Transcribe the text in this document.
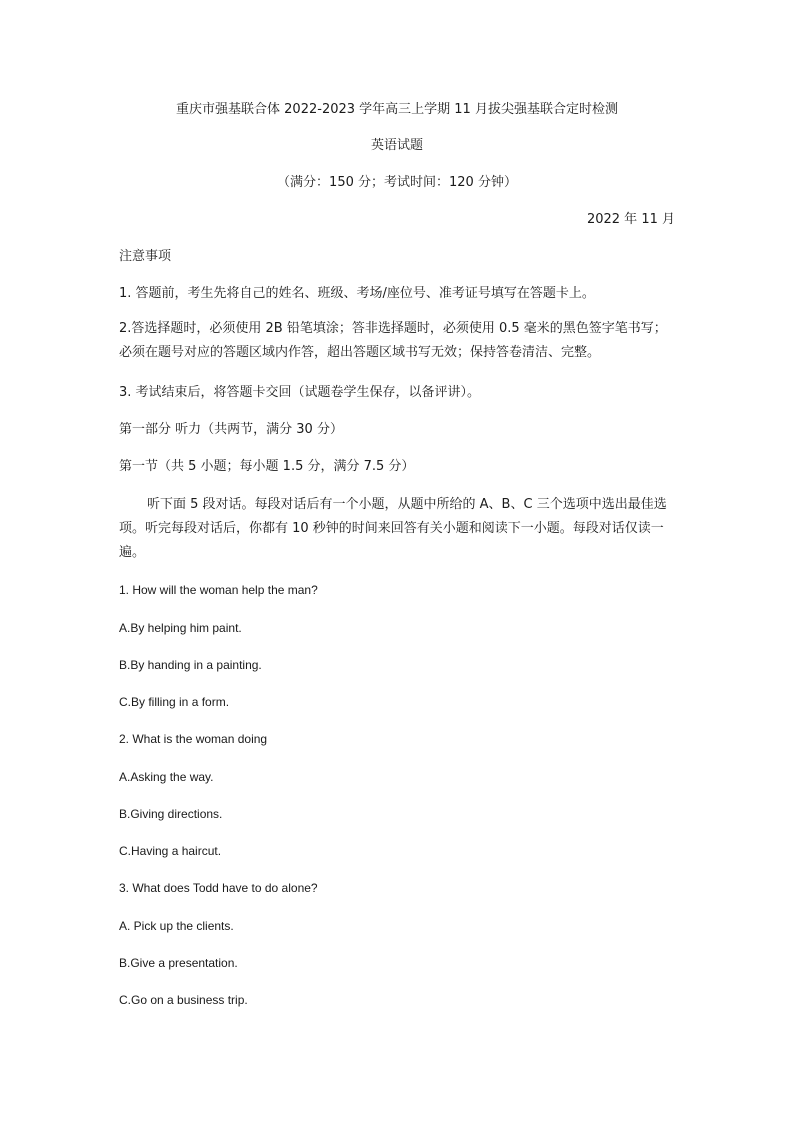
重庆市强基联合体 2022-2023 学年高三上学期 11 月拔尖强基联合定时检测
英语试题
（满分：150 分；考试时间：120 分钟）
2022 年 11 月
注意事项
1. 答题前，考生先将自己的姓名、班级、考场/座位号、准考证号填写在答题卡上。
2.答选择题时，必须使用 2B 铅笔填涂；答非选择题时，必须使用 0.5 毫米的黑色签字笔书写；必须在题号对应的答题区域内作答，超出答题区域书写无效；保持答卷清洁、完整。
3. 考试结束后，将答题卡交回（试题卷学生保存，以备评讲）。
第一部分 听力（共两节，满分 30 分）
第一节（共 5 小题；每小题 1.5 分，满分 7.5 分）
听下面 5 段对话。每段对话后有一个小题，从题中所给的 A、B、C 三个选项中选出最佳选项。听完每段对话后，你都有 10 秒钟的时间来回答有关小题和阅读下一小题。每段对话仅读一遍。
1. How will the woman help the man?
A.By helping him paint.
B.By handing in a painting.
C.By filling in a form.
2. What is the woman doing
A.Asking the way.
B.Giving directions.
C.Having a haircut.
3. What does Todd have to do alone?
A. Pick up the clients.
B.Give a presentation.
C.Go on a business trip.
